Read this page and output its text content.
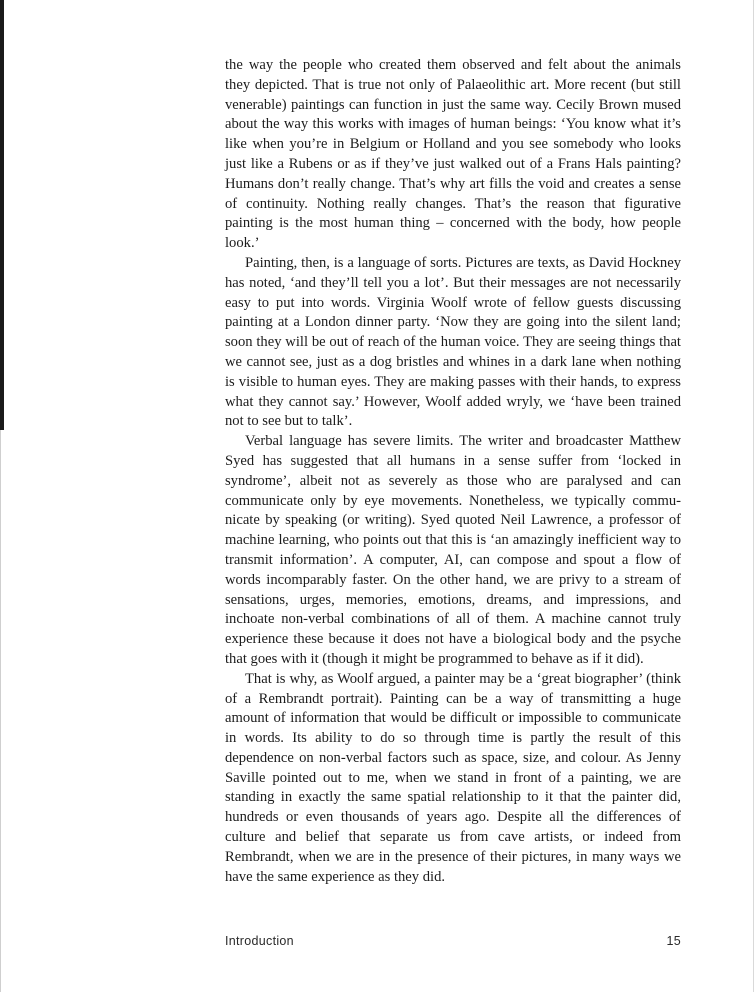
the way the people who created them observed and felt about the animals they depicted. That is true not only of Palaeolithic art. More recent (but still venerable) paintings can function in just the same way. Cecily Brown mused about the way this works with images of human beings: ‘You know what it’s like when you’re in Belgium or Holland and you see somebody who looks just like a Rubens or as if they’ve just walked out of a Frans Hals painting? Humans don’t really change. That’s why art fills the void and creates a sense of continuity. Nothing really changes. That’s the reason that figurative painting is the most human thing – concerned with the body, how people look.’

Painting, then, is a language of sorts. Pictures are texts, as David Hockney has noted, ‘and they’ll tell you a lot’. But their messages are not necessarily easy to put into words. Virginia Woolf wrote of fellow guests discussing painting at a London dinner party. ‘Now they are going into the silent land; soon they will be out of reach of the human voice. They are seeing things that we cannot see, just as a dog bristles and whines in a dark lane when nothing is visible to human eyes. They are making passes with their hands, to express what they cannot say.’ However, Woolf added wryly, we ‘have been trained not to see but to talk’.

Verbal language has severe limits. The writer and broadcaster Matthew Syed has suggested that all humans in a sense suffer from ‘locked in syndrome’, albeit not as severely as those who are paralysed and can communicate only by eye movements. Nonetheless, we typically communicate by speaking (or writing). Syed quoted Neil Lawrence, a professor of machine learning, who points out that this is ‘an amazingly inefficient way to transmit information’. A computer, AI, can compose and spout a flow of words incomparably faster. On the other hand, we are privy to a stream of sensations, urges, memories, emotions, dreams, and impressions, and inchoate non-verbal combinations of all of them. A machine cannot truly experience these because it does not have a biological body and the psyche that goes with it (though it might be programmed to behave as if it did).

That is why, as Woolf argued, a painter may be a ‘great biographer’ (think of a Rembrandt portrait). Painting can be a way of transmitting a huge amount of information that would be difficult or impossible to communicate in words. Its ability to do so through time is partly the result of this dependence on non-verbal factors such as space, size, and colour. As Jenny Saville pointed out to me, when we stand in front of a painting, we are standing in exactly the same spatial relationship to it that the painter did, hundreds or even thousands of years ago. Despite all the differences of culture and belief that separate us from cave artists, or indeed from Rembrandt, when we are in the presence of their pictures, in many ways we have the same experience as they did.

Introduction	15
